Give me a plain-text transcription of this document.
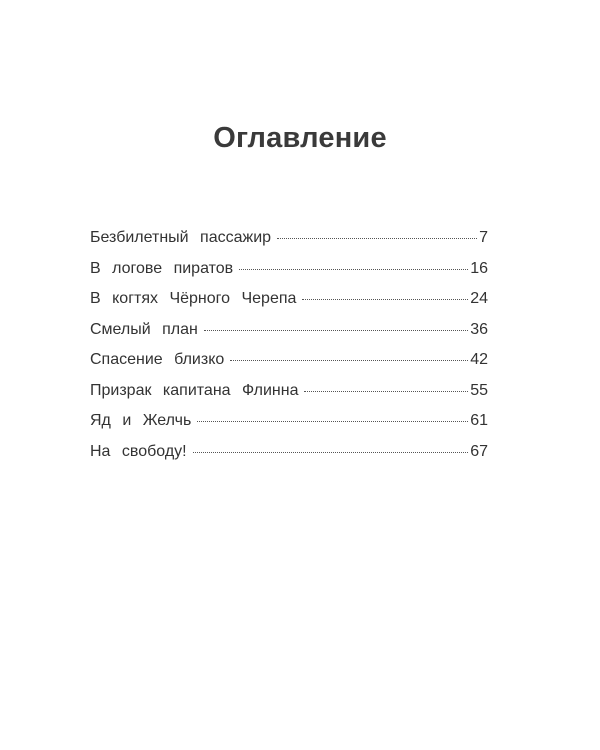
Оглавление
Безбилетный пассажир	7
В логове пиратов	16
В когтях Чёрного Черепа	24
Смелый план	36
Спасение близко	42
Призрак капитана Флинна	55
Яд и Желчь	61
На свободу!	67
